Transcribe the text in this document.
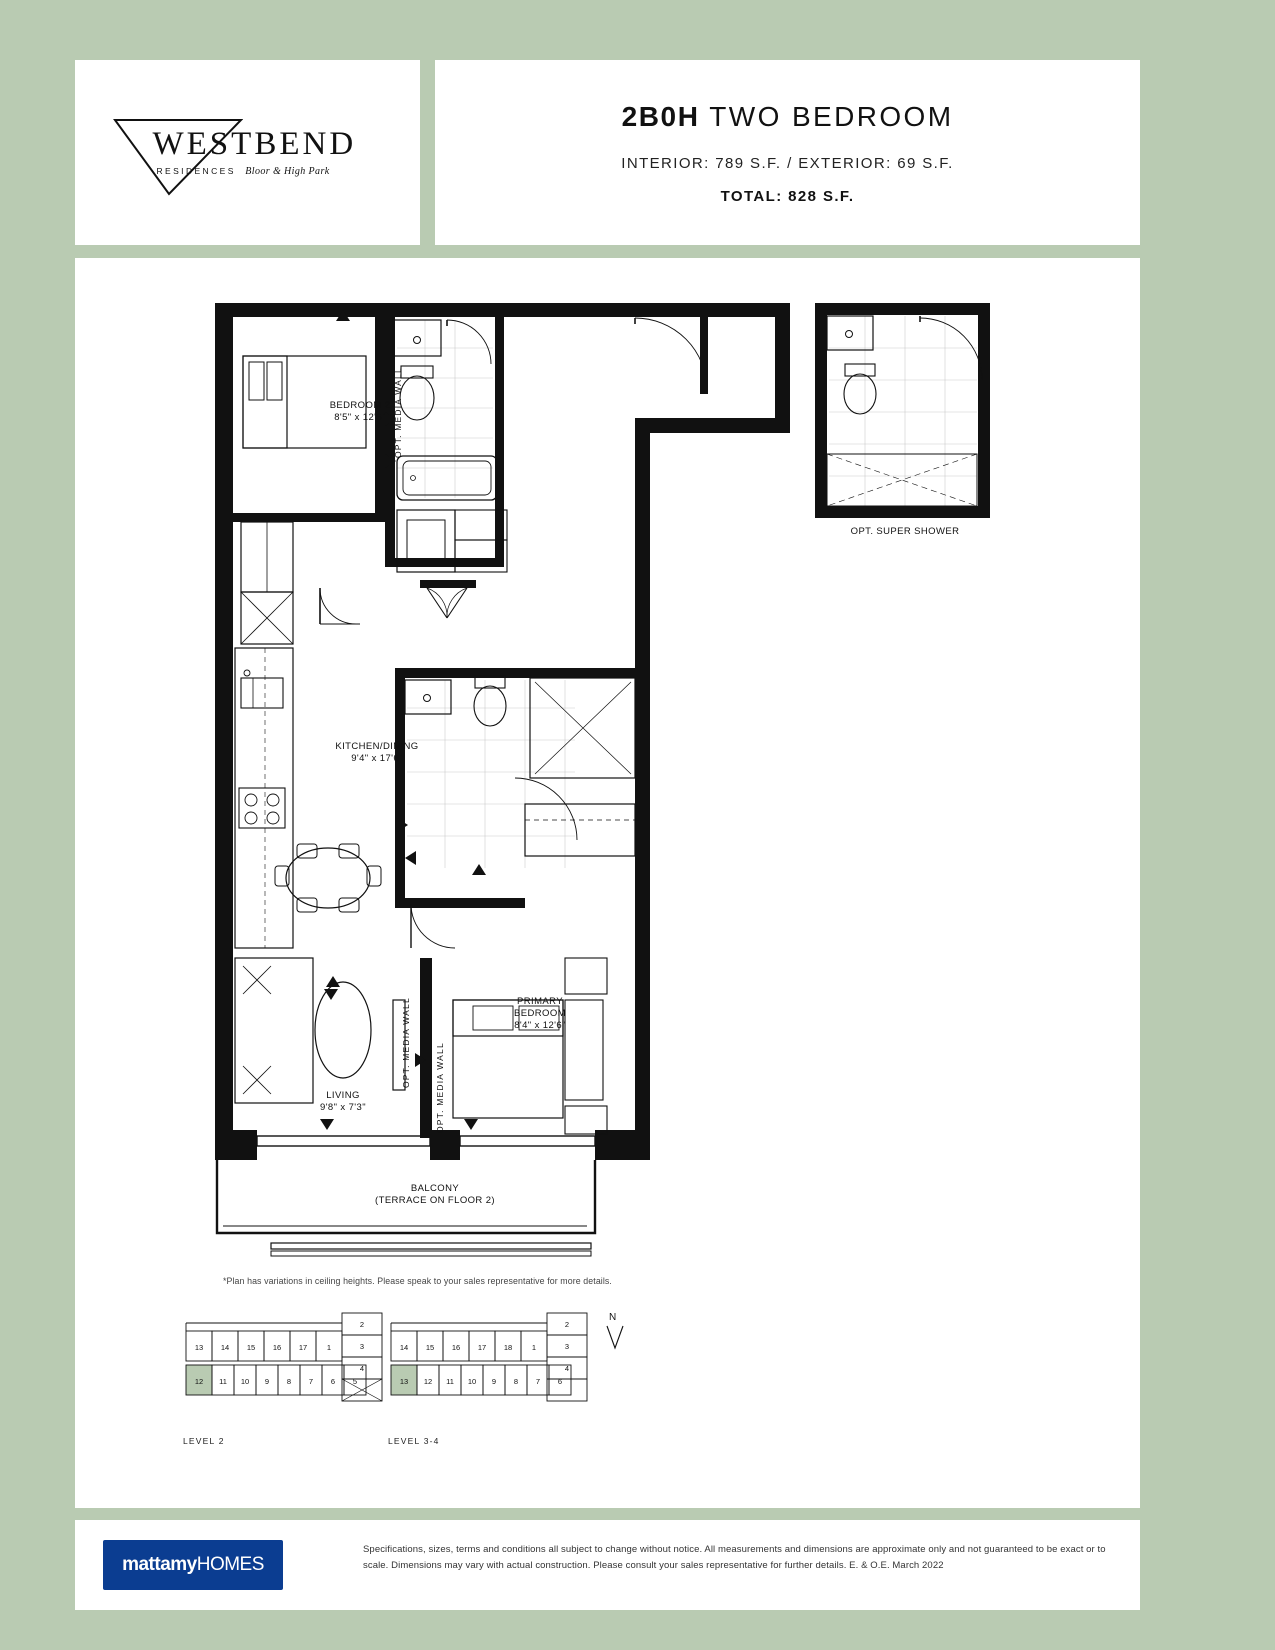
WESTBEND
RESIDENCES Bloor & High Park
2B0H TWO BEDROOM
INTERIOR: 789 S.F. / EXTERIOR: 69 S.F.
TOTAL: 828 S.F.
BEDROOM 2
8'5" x 12'5"
KITCHEN/DINING
9'4" x 17'6"
PRIMARY
BEDROOM
8'4" x 12'6"
LIVING
9'8" x 7'3"
BALCONY
(TERRACE ON FLOOR 2)
OPT. MEDIA WALL
OPT. MEDIA WALL	OPT. MEDIA WALL
OPT. SUPER SHOWER
*Plan has variations in ceiling heights. Please speak to your sales representative for more details.
13 14 15 16 17	1
12 11 10 9 8 7 6 5
2
3
4
LEVEL 2
14 15 16 17 18	1
13 12 11 10 9 8 7 6
2
3
4
LEVEL 3-4
N
mattamy HOMES
Specifications, sizes, terms and conditions all subject to change without notice. All measurements and dimensions are approximate only and not guaranteed to be exact or to scale. Dimensions may vary with actual construction. Please consult your sales representative for further details. E. & O.E. March 2022
